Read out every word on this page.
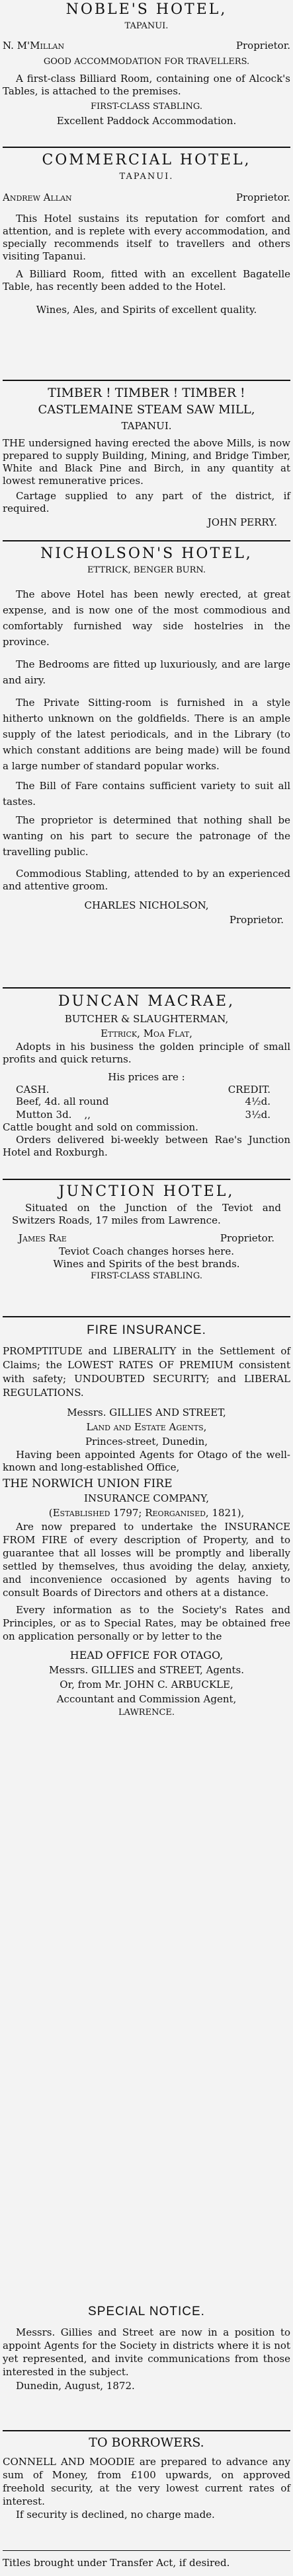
NOBLE'S HOTEL,
TAPANUI.
N. M'Millan	Proprietor.
GOOD ACCOMMODATION FOR TRAVELLERS.
A first-class Billiard Room, containing one of Alcock's Tables, is attached to the premises.
FIRST-CLASS STABLING.
Excellent Paddock Accommodation.
COMMERCIAL HOTEL,
TAPANUI.
Andrew Allan	Proprietor.
This Hotel sustains its reputation for comfort and attention, and is replete with every accommodation, and specially recommends itself to travellers and others visiting Tapanui.
A Billiard Room, fitted with an excellent Bagatelle Table, has recently been added to the Hotel.
Wines, Ales, and Spirits of excellent quality.
TIMBER ! TIMBER ! TIMBER !
CASTLEMAINE STEAM SAW MILL,
TAPANUI.
THE undersigned having erected the above Mills, is now prepared to supply Building, Mining, and Bridge Timber, White and Black Pine and Birch, in any quantity at lowest remunerative prices.
Cartage supplied to any part of the district, if required.
JOHN PERRY.
NICHOLSON'S HOTEL,
ETTRICK, BENGER BURN.
The above Hotel has been newly erected, at great expense, and is now one of the most commodious and comfortably furnished way side hostelries in the province.
The Bedrooms are fitted up luxuriously, and are large and airy.
The Private Sitting-room is furnished in a style hitherto unknown on the goldfields. There is an ample supply of the latest periodicals, and in the Library (to which constant additions are being made) will be found a large number of standard popular works.
The Bill of Fare contains sufficient variety to suit all tastes.
The proprietor is determined that nothing shall be wanting on his part to secure the patronage of the travelling public.
Commodious Stabling, attended to by an experienced and attentive groom.
CHARLES NICHOLSON,
Proprietor.
DUNCAN MACRAE,
BUTCHER & SLAUGHTERMAN,
Ettrick, Moa Flat,
Adopts in his business the golden principle of small profits and quick returns.
His prices are :
CASH.	CREDIT.
Beef, 4d. all round	4½d.
Mutton 3d.    ,,	3½d.
Cattle bought and sold on commission.
Orders delivered bi-weekly between Rae's Junction Hotel and Roxburgh.
JUNCTION HOTEL,
Situated on the Junction of the Teviot and Switzers Roads, 17 miles from Lawrence.
James Rae	Proprietor.
Teviot Coach changes horses here.
Wines and Spirits of the best brands.
FIRST-CLASS STABLING.
FIRE INSURANCE.
PROMPTITUDE and LIBERALITY in the Settlement of Claims; the LOWEST RATES OF PREMIUM consistent with safety; UNDOUBTED SECURITY; and LIBERAL REGULATIONS.
Messrs. GILLIES AND STREET,
Land and Estate Agents,
Princes-street, Dunedin,
Having been appointed Agents for Otago of the well-known and long-established Office,
THE NORWICH UNION FIRE
INSURANCE COMPANY,
(Established 1797; Reorganised, 1821),
Are now prepared to undertake the INSURANCE FROM FIRE of every description of Property, and to guarantee that all losses will be promptly and liberally settled by themselves, thus avoiding the delay, anxiety, and inconvenience occasioned by agents having to consult Boards of Directors and others at a distance.
Every information as to the Society's Rates and Principles, or as to Special Rates, may be obtained free on application personally or by letter to the
HEAD OFFICE FOR OTAGO,
Messrs. GILLIES and STREET, Agents.
Or, from Mr. JOHN C. ARBUCKLE,
Accountant and Commission Agent,
LAWRENCE.
SPECIAL NOTICE.
Messrs. Gillies and Street are now in a position to appoint Agents for the Society in districts where it is not yet represented, and invite communications from those interested in the subject.
Dunedin, August, 1872.
TO BORROWERS.
CONNELL AND MOODIE are prepared to advance any sum of Money, from £100 upwards, on approved freehold security, at the very lowest current rates of interest.
If security is declined, no charge made.
Titles brought under Transfer Act, if desired.
